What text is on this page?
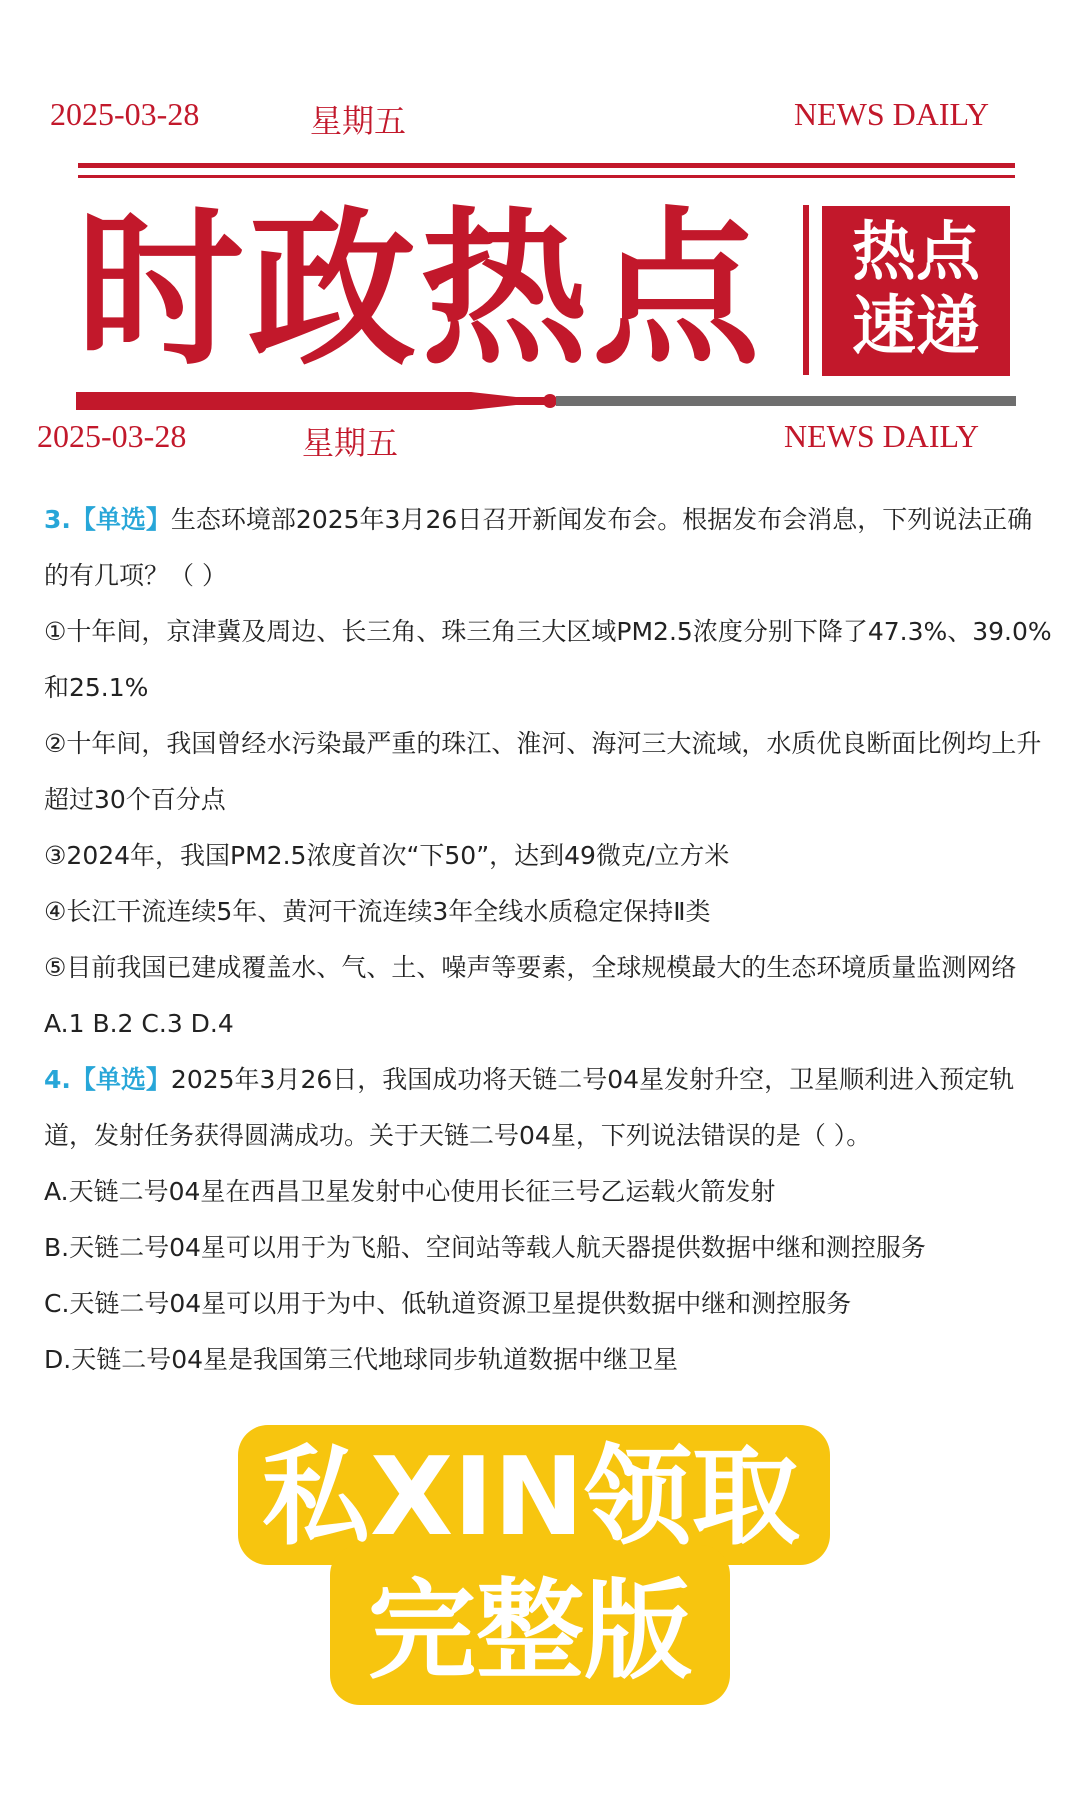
2025-03-28	星期五	NEWS DAILY
时政热点	热点
速递
2025-03-28	星期五	NEWS DAILY
3.【单选】生态环境部2025年3月26日召开新闻发布会。根据发布会消息，下列说法正确
的有几项？（ ）
①十年间，京津冀及周边、长三角、珠三角三大区域PM2.5浓度分别下降了47.3%、39.0%
和25.1%
②十年间，我国曾经水污染最严重的珠江、淮河、海河三大流域，水质优良断面比例均上升
超过30个百分点
③2024年，我国PM2.5浓度首次“下50”，达到49微克/立方米
④长江干流连续5年、黄河干流连续3年全线水质稳定保持Ⅱ类
⑤目前我国已建成覆盖水、气、土、噪声等要素，全球规模最大的生态环境质量监测网络
A.1 B.2 C.3 D.4
4.【单选】2025年3月26日，我国成功将天链二号04星发射升空，卫星顺利进入预定轨
道，发射任务获得圆满成功。关于天链二号04星，下列说法错误的是（ ）。
A.天链二号04星在西昌卫星发射中心使用长征三号乙运载火箭发射
B.天链二号04星可以用于为飞船、空间站等载人航天器提供数据中继和测控服务
C.天链二号04星可以用于为中、低轨道资源卫星提供数据中继和测控服务
D.天链二号04星是我国第三代地球同步轨道数据中继卫星
私XIN领取
完整版
